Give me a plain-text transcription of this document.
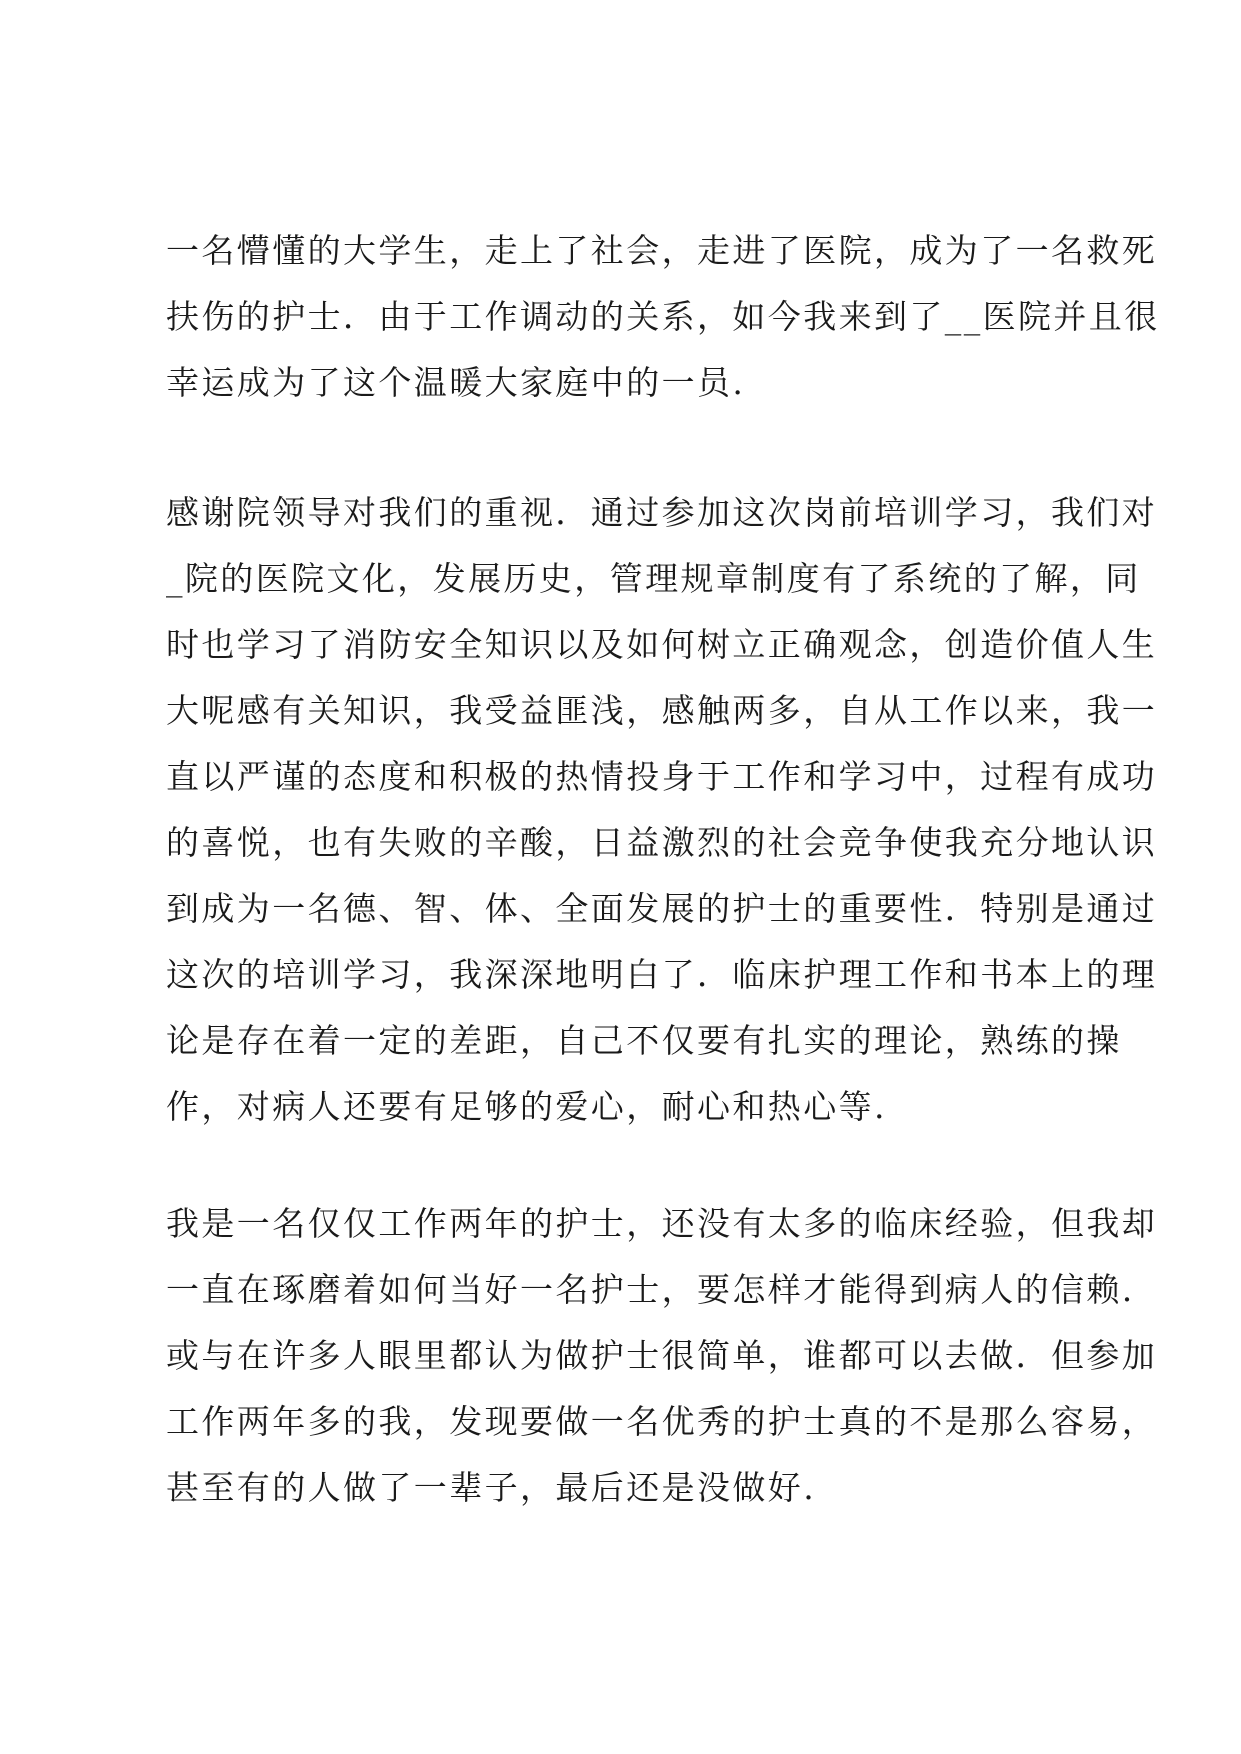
一名懵懂的大学生，走上了社会，走进了医院，成为了一名救死
扶伤的护士．由于工作调动的关系，如今我来到了__医院并且很
幸运成为了这个温暖大家庭中的一员.
感谢院领导对我们的重视．通过参加这次岗前培训学习，我们对
_院的医院文化，发展历史，管理规章制度有了系统的了解，同
时也学习了消防安全知识以及如何树立正确观念，创造价值人生
大呢感有关知识，我受益匪浅，感触两多，自从工作以来，我一
直以严谨的态度和积极的热情投身于工作和学习中，过程有成功
的喜悦，也有失败的辛酸，日益激烈的社会竞争使我充分地认识
到成为一名德、智、体、全面发展的护士的重要性．特别是通过
这次的培训学习，我深深地明白了．临床护理工作和书本上的理
论是存在着一定的差距，自己不仅要有扎实的理论，熟练的操
作，对病人还要有足够的爱心，耐心和热心等.
我是一名仅仅工作两年的护士，还没有太多的临床经验，但我却
一直在琢磨着如何当好一名护士，要怎样才能得到病人的信赖.
或与在许多人眼里都认为做护士很简单，谁都可以去做．但参加
工作两年多的我，发现要做一名优秀的护士真的不是那么容易，
甚至有的人做了一辈子，最后还是没做好.
